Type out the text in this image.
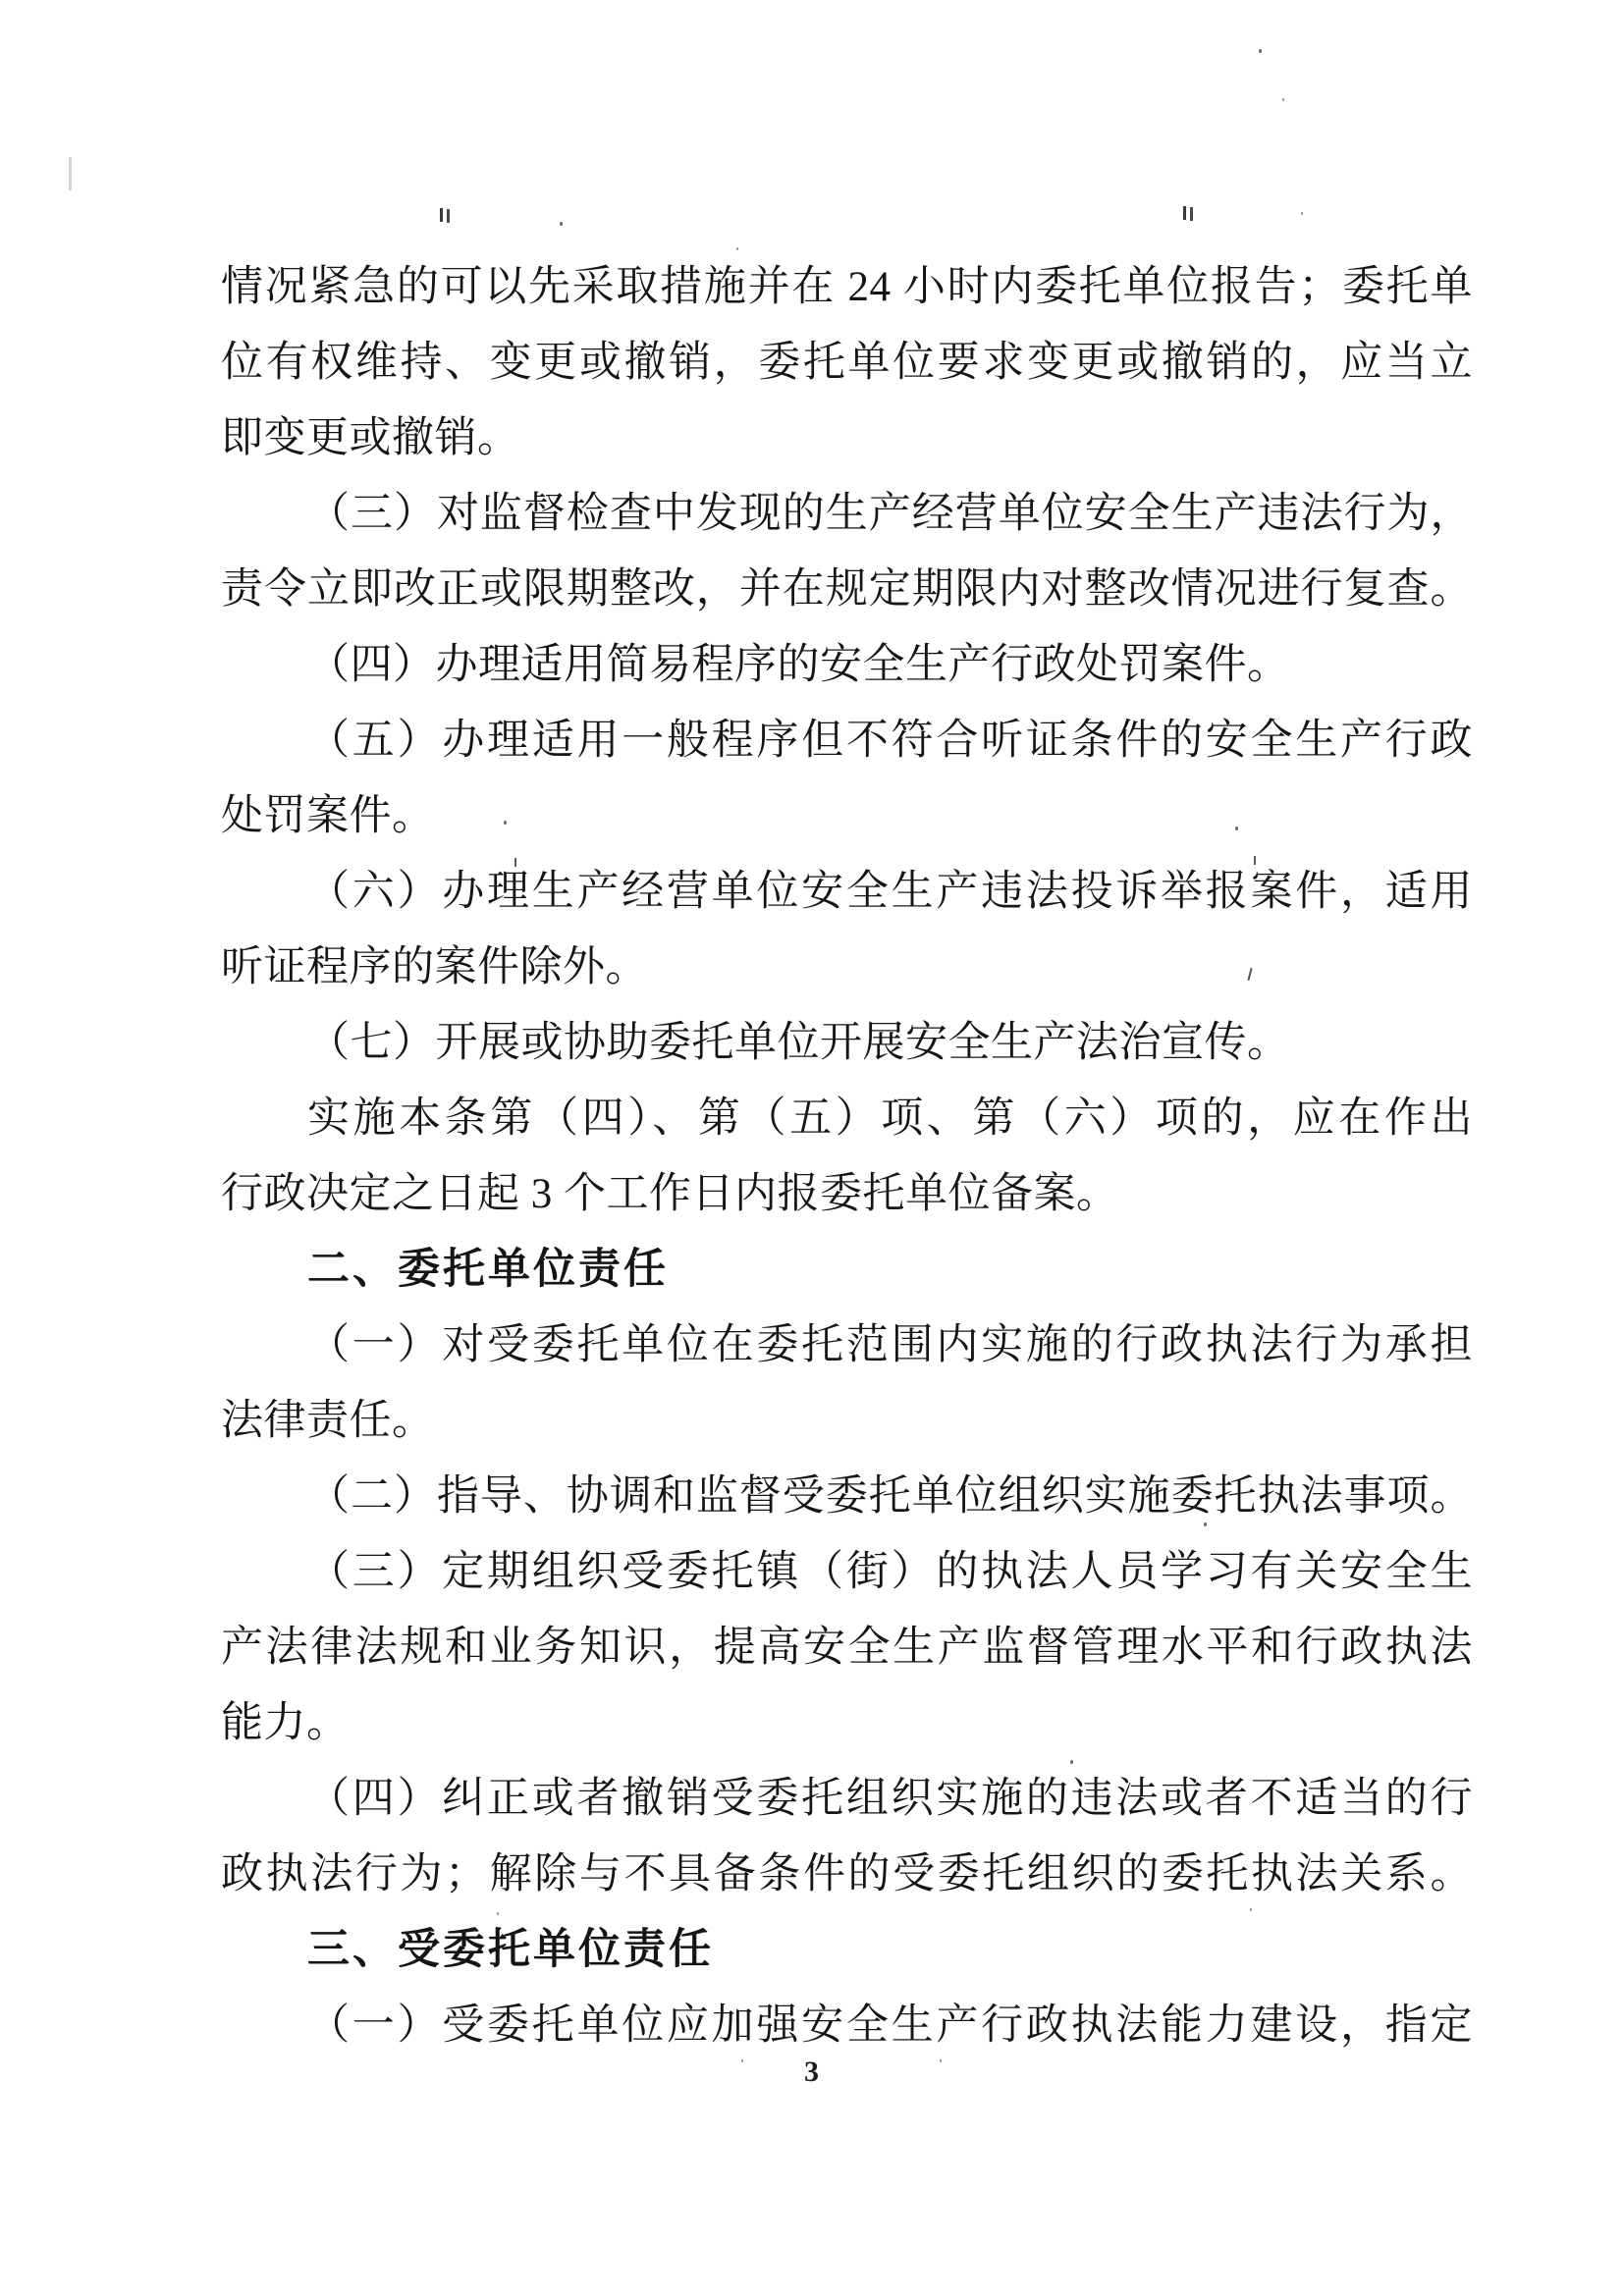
情况紧急的可以先采取措施并在 24 小时内委托单位报告；委托单
位有权维持、变更或撤销，委托单位要求变更或撤销的，应当立
即变更或撤销。
（三）对监督检查中发现的生产经营单位安全生产违法行为，
责令立即改正或限期整改，并在规定期限内对整改情况进行复查。
（四）办理适用简易程序的安全生产行政处罚案件。
（五）办理适用一般程序但不符合听证条件的安全生产行政
处罚案件。
（六）办理生产经营单位安全生产违法投诉举报案件，适用
听证程序的案件除外。
（七）开展或协助委托单位开展安全生产法治宣传。
实施本条第（四）、第（五）项、第（六）项的，应在作出
行政决定之日起 3 个工作日内报委托单位备案。
二、委托单位责任
（一）对受委托单位在委托范围内实施的行政执法行为承担
法律责任。
（二）指导、协调和监督受委托单位组织实施委托执法事项。
（三）定期组织受委托镇（街）的执法人员学习有关安全生
产法律法规和业务知识，提高安全生产监督管理水平和行政执法
能力。
（四）纠正或者撤销受委托组织实施的违法或者不适当的行
政执法行为；解除与不具备条件的受委托组织的委托执法关系。
三、受委托单位责任
（一）受委托单位应加强安全生产行政执法能力建设，指定
3
